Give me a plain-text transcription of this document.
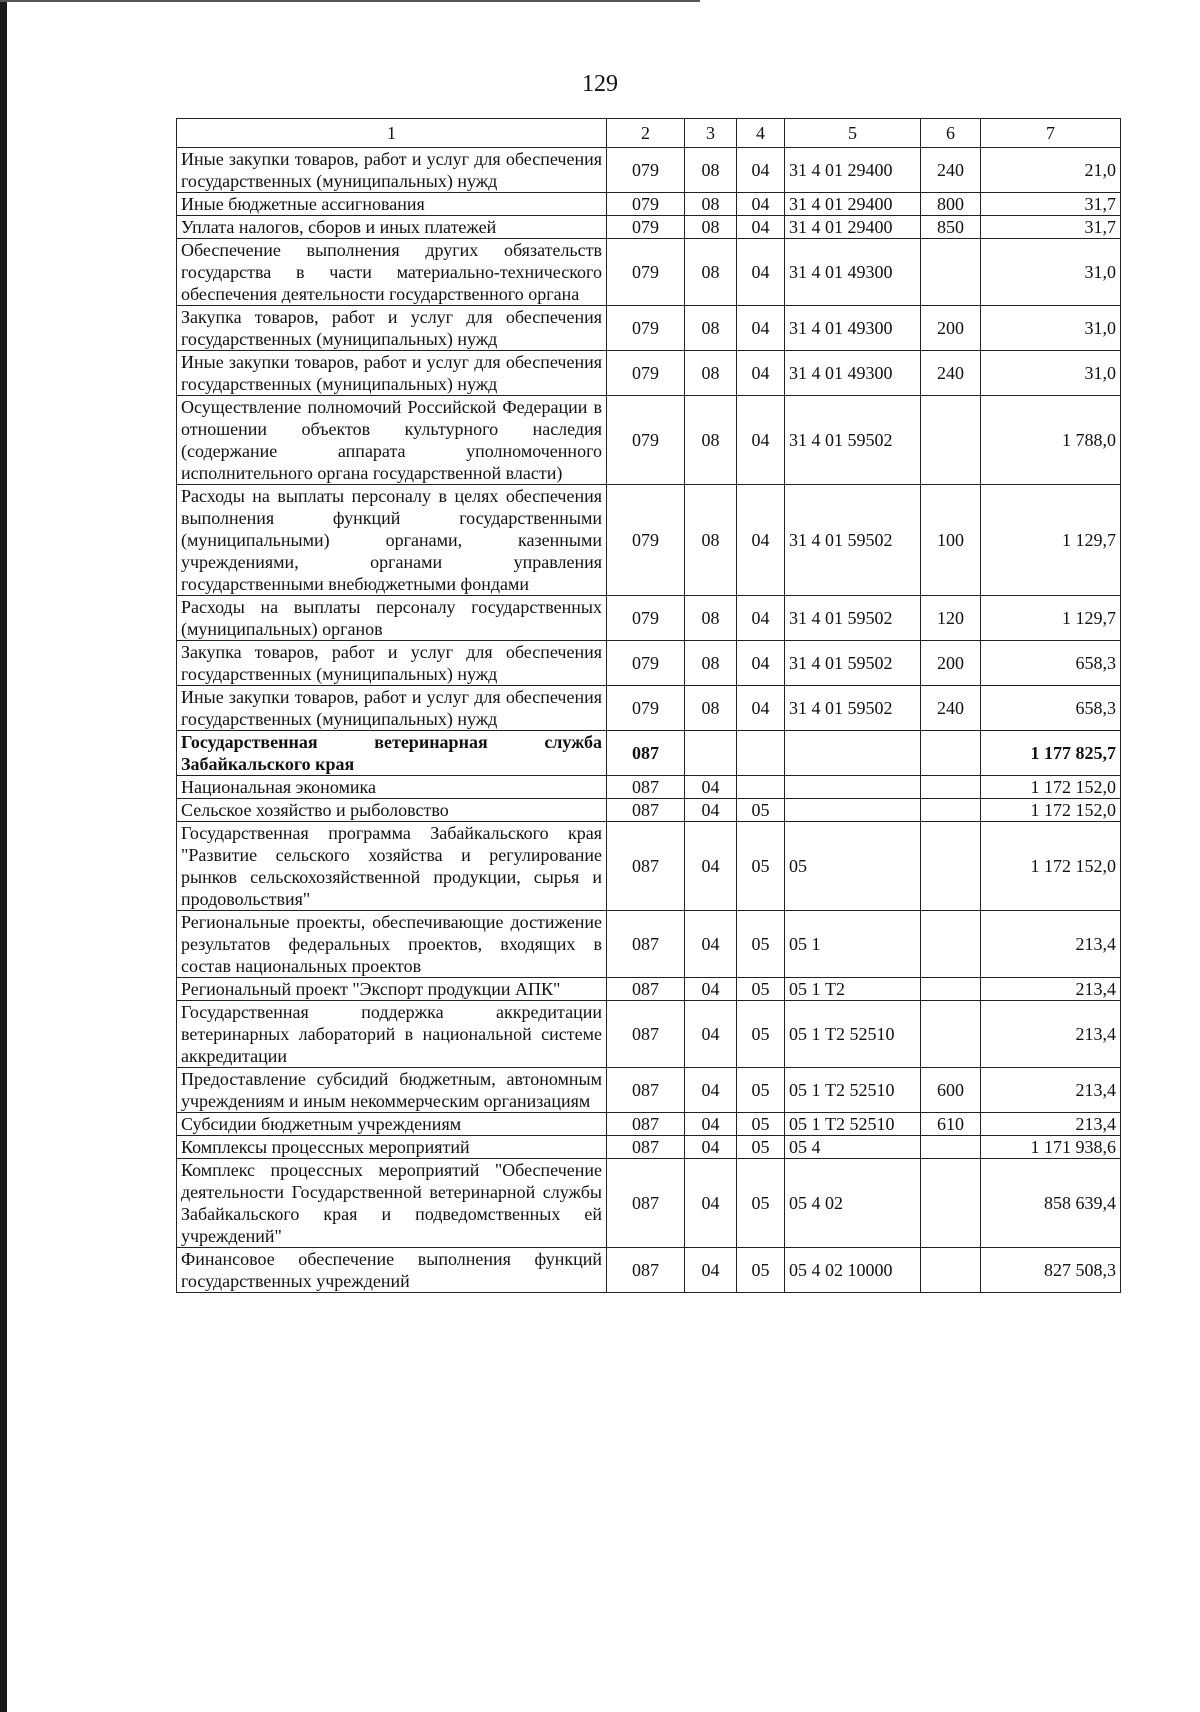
129
1	2	3	4	5	6	7
Иные закупки товаров, работ и услуг для обеспечения государственных (муниципальных) нужд	079	08	04	31 4 01 29400	240	21,0
Иные бюджетные ассигнования	079	08	04	31 4 01 29400	800	31,7
Уплата налогов, сборов и иных платежей	079	08	04	31 4 01 29400	850	31,7
Обеспечение выполнения других обязательств государства в части материально-технического обеспечения деятельности государственного органа	079	08	04	31 4 01 49300		31,0
Закупка товаров, работ и услуг для обеспечения государственных (муниципальных) нужд	079	08	04	31 4 01 49300	200	31,0
Иные закупки товаров, работ и услуг для обеспечения государственных (муниципальных) нужд	079	08	04	31 4 01 49300	240	31,0
Осуществление полномочий Российской Федерации в отношении объектов культурного наследия (содержание аппарата уполномоченного исполнительного органа государственной власти)	079	08	04	31 4 01 59502		1 788,0
Расходы на выплаты персоналу в целях обеспечения выполнения функций государственными (муниципальными) органами, казенными учреждениями, органами управления государственными внебюджетными фондами	079	08	04	31 4 01 59502	100	1 129,7
Расходы на выплаты персоналу государственных (муниципальных) органов	079	08	04	31 4 01 59502	120	1 129,7
Закупка товаров, работ и услуг для обеспечения государственных (муниципальных) нужд	079	08	04	31 4 01 59502	200	658,3
Иные закупки товаров, работ и услуг для обеспечения государственных (муниципальных) нужд	079	08	04	31 4 01 59502	240	658,3
Государственная ветеринарная служба Забайкальского края	087					1 177 825,7
Национальная экономика	087	04				1 172 152,0
Сельское хозяйство и рыболовство	087	04	05			1 172 152,0
Государственная программа Забайкальского края "Развитие сельского хозяйства и регулирование рынков сельскохозяйственной продукции, сырья и продовольствия"	087	04	05	05		1 172 152,0
Региональные проекты, обеспечивающие достижение результатов федеральных проектов, входящих в состав национальных проектов	087	04	05	05 1		213,4
Региональный проект "Экспорт продукции АПК"	087	04	05	05 1 Т2		213,4
Государственная поддержка аккредитации ветеринарных лабораторий в национальной системе аккредитации	087	04	05	05 1 Т2 52510		213,4
Предоставление субсидий бюджетным, автономным учреждениям и иным некоммерческим организациям	087	04	05	05 1 Т2 52510	600	213,4
Субсидии бюджетным учреждениям	087	04	05	05 1 Т2 52510	610	213,4
Комплексы процессных мероприятий	087	04	05	05 4		1 171 938,6
Комплекс процессных мероприятий "Обеспечение деятельности Государственной ветеринарной службы Забайкальского края и подведомственных ей учреждений"	087	04	05	05 4 02		858 639,4
Финансовое обеспечение выполнения функций государственных учреждений	087	04	05	05 4 02 10000		827 508,3
